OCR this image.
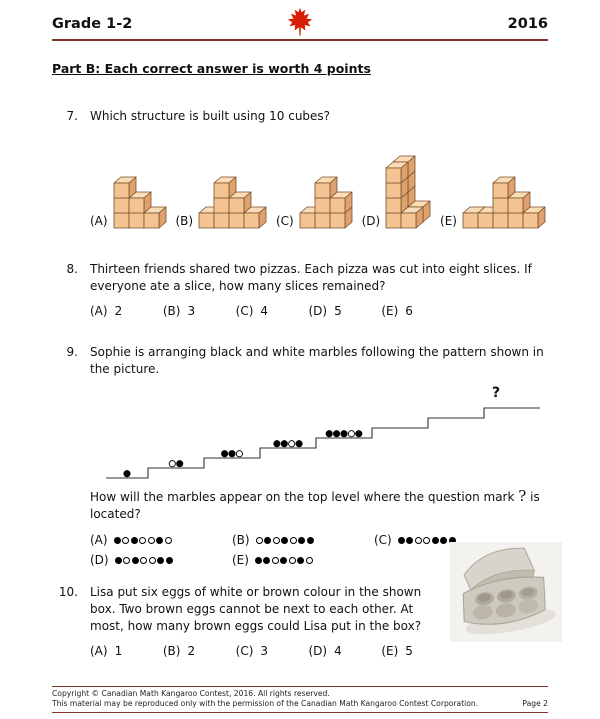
Grade 1-2	2016
Part B: Each correct answer is worth 4 points
7. Which structure is built using 10 cubes?
(A)	(B)	(C)	(D)	(E)
8. Thirteen friends shared two pizzas. Each pizza was cut into eight slices. If everyone ate a slice, how many slices remained?
(A) 2	(B) 3	(C) 4	(D) 5	(E) 6
9. Sophie is arranging black and white marbles following the pattern shown in the picture.
?
How will the marbles appear on the top level where the question mark ? is located?
(A)	(B)	(C)
(D)	(E)
10. Lisa put six eggs of white or brown colour in the shown box. Two brown eggs cannot be next to each other. At most, how many brown eggs could Lisa put in the box?
(A) 1	(B) 2	(C) 3	(D) 4	(E) 5
Copyright © Canadian Math Kangaroo Contest, 2016. All rights reserved.
This material may be reproduced only with the permission of the Canadian Math Kangaroo Contest Corporation.	Page 2
